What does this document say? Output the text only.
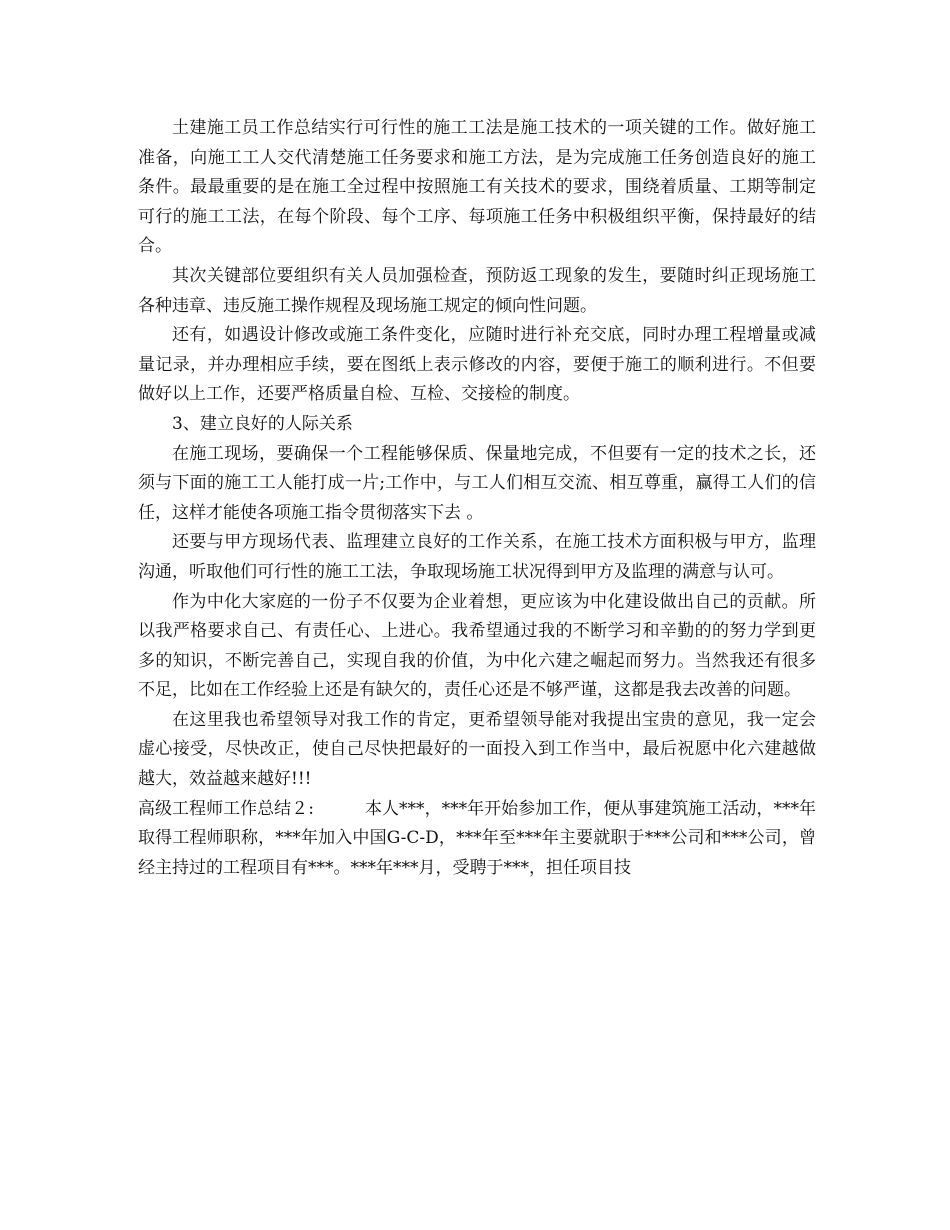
土建施工员工作总结实行可行性的施工工法是施工技术的一项关键的工作。做好施工准备，向施工工人交代清楚施工任务要求和施工方法，是为完成施工任务创造良好的施工条件。最最重要的是在施工全过程中按照施工有关技术的要求，围绕着质量、工期等制定可行的施工工法，在每个阶段、每个工序、每项施工任务中积极组织平衡，保持最好的结合。

其次关键部位要组织有关人员加强检查，预防返工现象的发生，要随时纠正现场施工各种违章、违反施工操作规程及现场施工规定的倾向性问题。

还有，如遇设计修改或施工条件变化，应随时进行补充交底，同时办理工程增量或减量记录，并办理相应手续，要在图纸上表示修改的内容，要便于施工的顺利进行。不但要做好以上工作，还要严格质量自检、互检、交接检的制度。

3、建立良好的人际关系

在施工现场，要确保一个工程能够保质、保量地完成，不但要有一定的技术之长，还须与下面的施工工人能打成一片;工作中，与工人们相互交流、相互尊重，赢得工人们的信任，这样才能使各项施工指令贯彻落实下去 。

还要与甲方现场代表、监理建立良好的工作关系，在施工技术方面积极与甲方，监理沟通，听取他们可行性的施工工法，争取现场施工状况得到甲方及监理的满意与认可。

作为中化大家庭的一份子不仅要为企业着想，更应该为中化建设做出自己的贡献。所以我严格要求自己、有责任心、上进心。我希望通过我的不断学习和辛勤的的努力学到更多的知识，不断完善自己，实现自我的价值，为中化六建之崛起而努力。当然我还有很多不足，比如在工作经验上还是有缺欠的，责任心还是不够严谨，这都是我去改善的问题。

在这里我也希望领导对我工作的肯定，更希望领导能对我提出宝贵的意见，我一定会虚心接受，尽快改正，使自己尽快把最好的一面投入到工作当中，最后祝愿中化六建越做越大，效益越来越好!!!

高级工程师工作总结２:　　　本人***，***年开始参加工作，便从事建筑施工活动，***年取得工程师职称，***年加入中国G-C-D，***年至***年主要就职于***公司和***公司，曾经主持过的工程项目有***。***年***月，受聘于***，担任项目技
